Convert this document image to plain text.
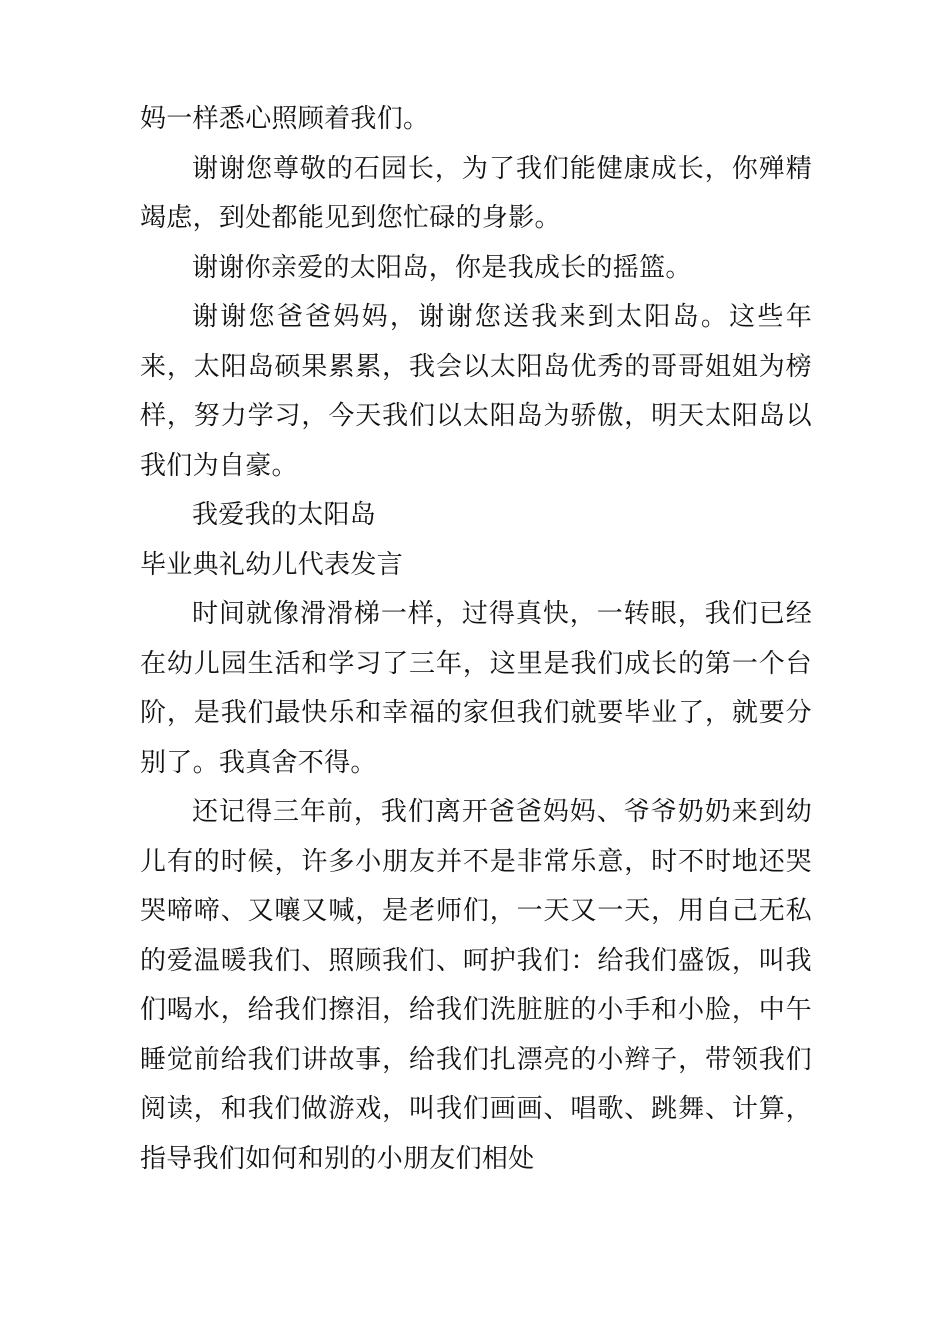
妈一样悉心照顾着我们。

谢谢您尊敬的石园长，为了我们能健康成长，你殚精竭虑，到处都能见到您忙碌的身影。

谢谢你亲爱的太阳岛，你是我成长的摇篮。

谢谢您爸爸妈妈，谢谢您送我来到太阳岛。这些年来，太阳岛硕果累累，我会以太阳岛优秀的哥哥姐姐为榜样，努力学习，今天我们以太阳岛为骄傲，明天太阳岛以我们为自豪。

我爱我的太阳岛

毕业典礼幼儿代表发言

时间就像滑滑梯一样，过得真快，一转眼，我们已经在幼儿园生活和学习了三年，这里是我们成长的第一个台阶，是我们最快乐和幸福的家但我们就要毕业了，就要分别了。我真舍不得。

还记得三年前，我们离开爸爸妈妈、爷爷奶奶来到幼儿有的时候，许多小朋友并不是非常乐意，时不时地还哭哭啼啼、又嚷又喊，是老师们，一天又一天，用自己无私的爱温暖我们、照顾我们、呵护我们：给我们盛饭，叫我们喝水，给我们擦泪，给我们洗脏脏的小手和小脸，中午睡觉前给我们讲故事，给我们扎漂亮的小辫子，带领我们阅读，和我们做游戏，叫我们画画、唱歌、跳舞、计算，指导我们如何和别的小朋友们相处
